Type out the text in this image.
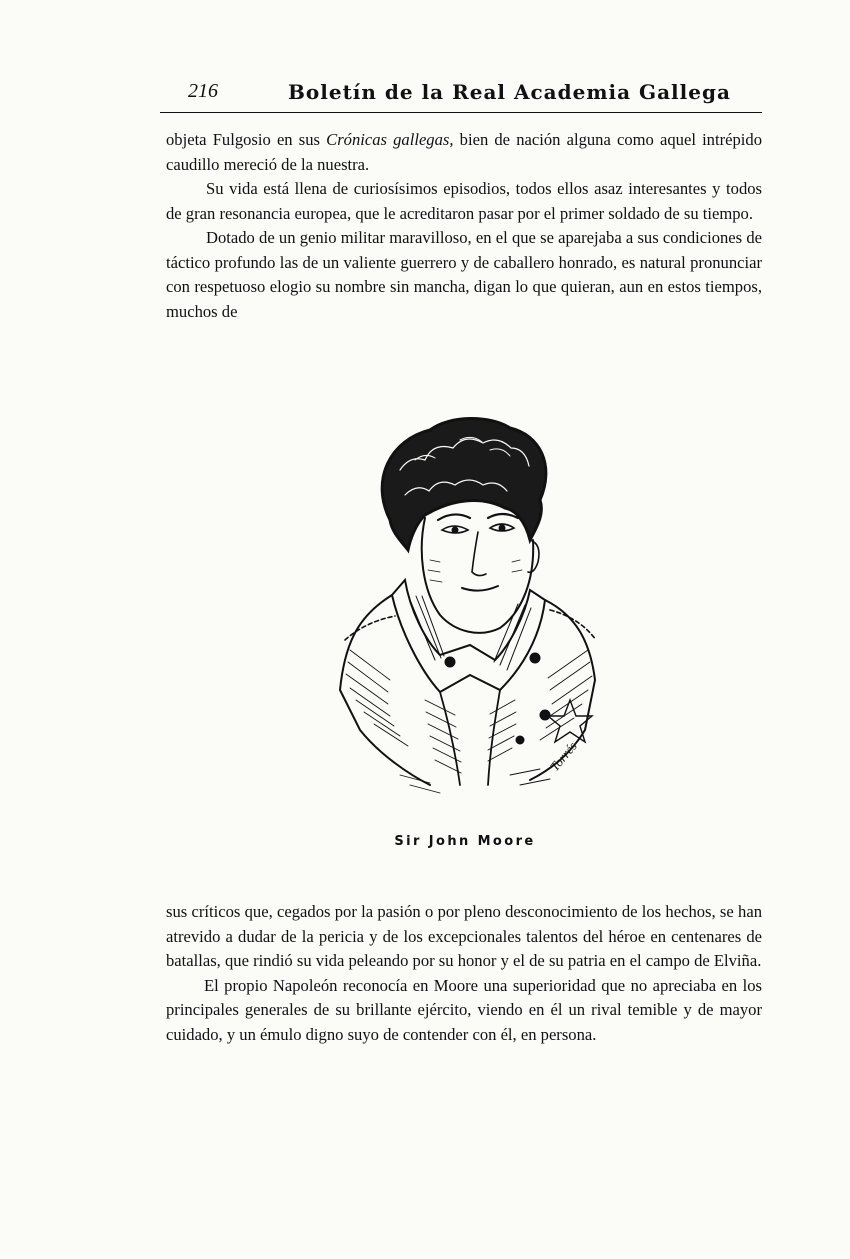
216	Boletín de la Real Academia Gallega

objeta Fulgosio en sus Crónicas gallegas, bien de nación alguna como aquel intrépido caudillo mereció de la nuestra.

Su vida está llena de curiosísimos episodios, todos ellos asaz interesantes y todos de gran resonancia europea, que le acreditaron pasar por el primer soldado de su tiempo.

Dotado de un genio militar maravilloso, en el que se aparejaba a sus condiciones de táctico profundo las de un valiente guerrero y de caballero honrado, es natural pronunciar con respetuoso elogio su nombre sin mancha, digan lo que quieran, aun en estos tiempos, muchos de

Torrés
Sir John Moore

sus críticos que, cegados por la pasión o por pleno desconocimiento de los hechos, se han atrevido a dudar de la pericia y de los excepcionales talentos del héroe en centenares de batallas, que rindió su vida peleando por su honor y el de su patria en el campo de Elviña.

El propio Napoleón reconocía en Moore una superioridad que no apreciaba en los principales generales de su brillante ejército, viendo en él un rival temible y de mayor cuidado, y un émulo digno suyo de contender con él, en persona.
